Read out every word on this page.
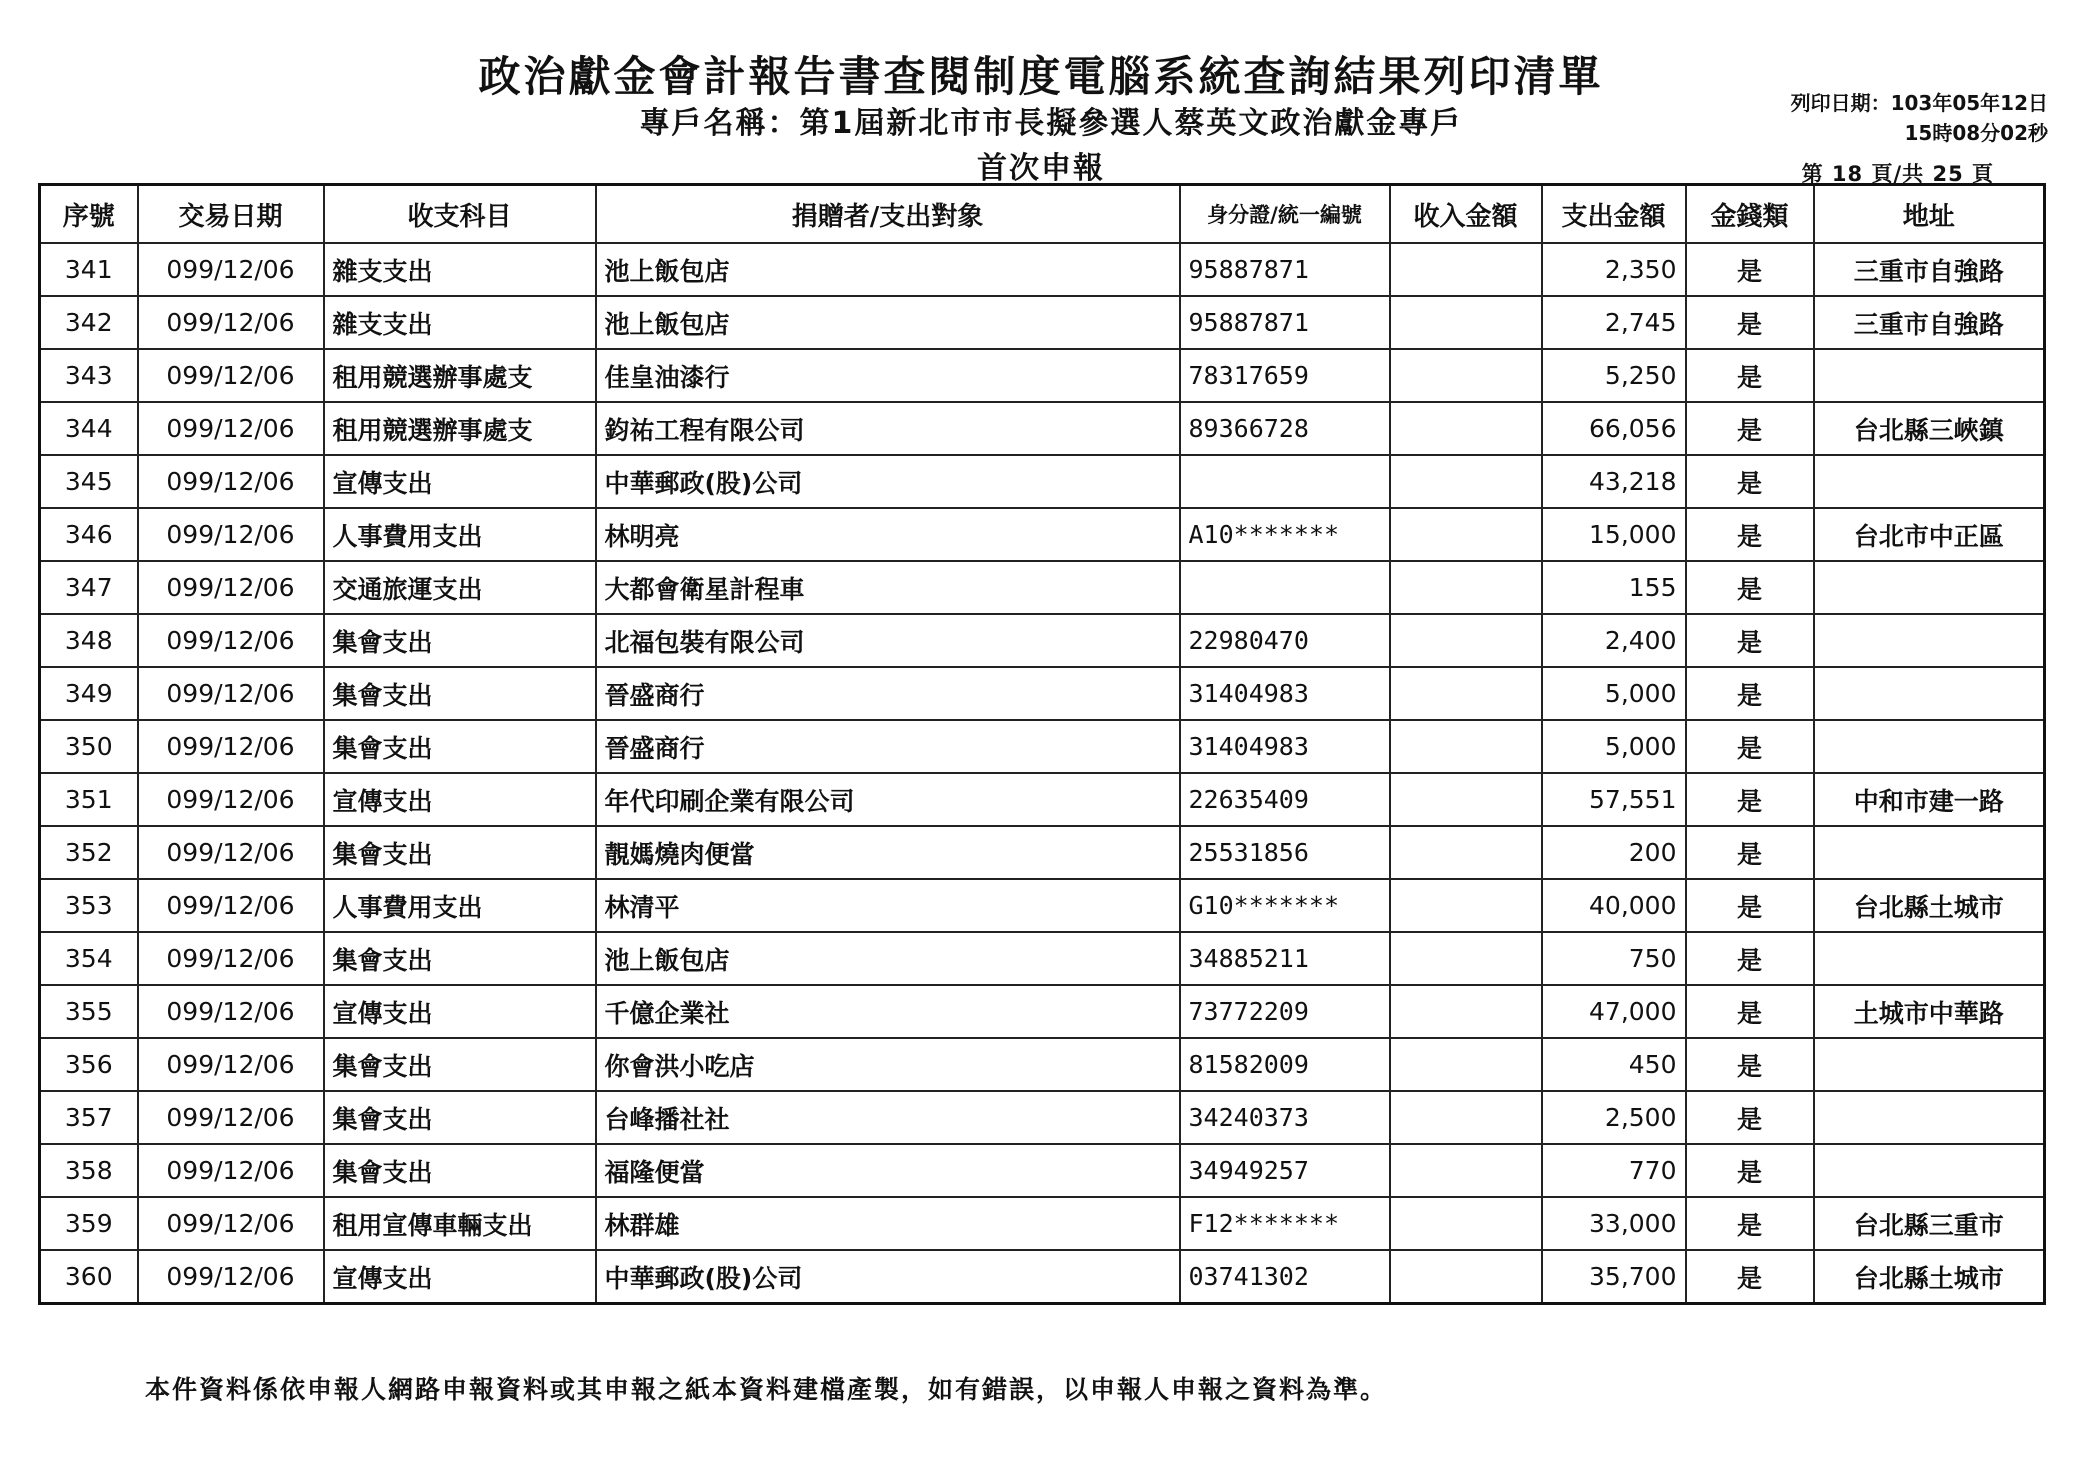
政治獻金會計報告書查閱制度電腦系統查詢結果列印清單
專戶名稱：第1屆新北市市長擬參選人蔡英文政治獻金專戶
首次申報
列印日期：103年05年12日
15時08分02秒
第 18 頁/共 25 頁
序號	交易日期	收支科目	捐贈者/支出對象	身分證/統一編號	收入金額	支出金額	金錢類	地址
341	099/12/06	雜支支出	池上飯包店	95887871		2,350	是	三重市自強路
342	099/12/06	雜支支出	池上飯包店	95887871		2,745	是	三重市自強路
343	099/12/06	租用競選辦事處支	佳皇油漆行	78317659		5,250	是	
344	099/12/06	租用競選辦事處支	鈞祐工程有限公司	89366728		66,056	是	台北縣三峽鎮
345	099/12/06	宣傳支出	中華郵政(股)公司			43,218	是	
346	099/12/06	人事費用支出	林明亮	A10*******		15,000	是	台北市中正區
347	099/12/06	交通旅運支出	大都會衛星計程車			155	是	
348	099/12/06	集會支出	北福包裝有限公司	22980470		2,400	是	
349	099/12/06	集會支出	晉盛商行	31404983		5,000	是	
350	099/12/06	集會支出	晉盛商行	31404983		5,000	是	
351	099/12/06	宣傳支出	年代印刷企業有限公司	22635409		57,551	是	中和市建一路
352	099/12/06	集會支出	靚媽燒肉便當	25531856		200	是	
353	099/12/06	人事費用支出	林清平	G10*******		40,000	是	台北縣土城市
354	099/12/06	集會支出	池上飯包店	34885211		750	是	
355	099/12/06	宣傳支出	千億企業社	73772209		47,000	是	土城市中華路
356	099/12/06	集會支出	你會洪小吃店	81582009		450	是	
357	099/12/06	集會支出	台峰播社社	34240373		2,500	是	
358	099/12/06	集會支出	福隆便當	34949257		770	是	
359	099/12/06	租用宣傳車輛支出	林群雄	F12*******		33,000	是	台北縣三重市
360	099/12/06	宣傳支出	中華郵政(股)公司	03741302		35,700	是	台北縣土城市
本件資料係依申報人網路申報資料或其申報之紙本資料建檔產製，如有錯誤，以申報人申報之資料為準。
